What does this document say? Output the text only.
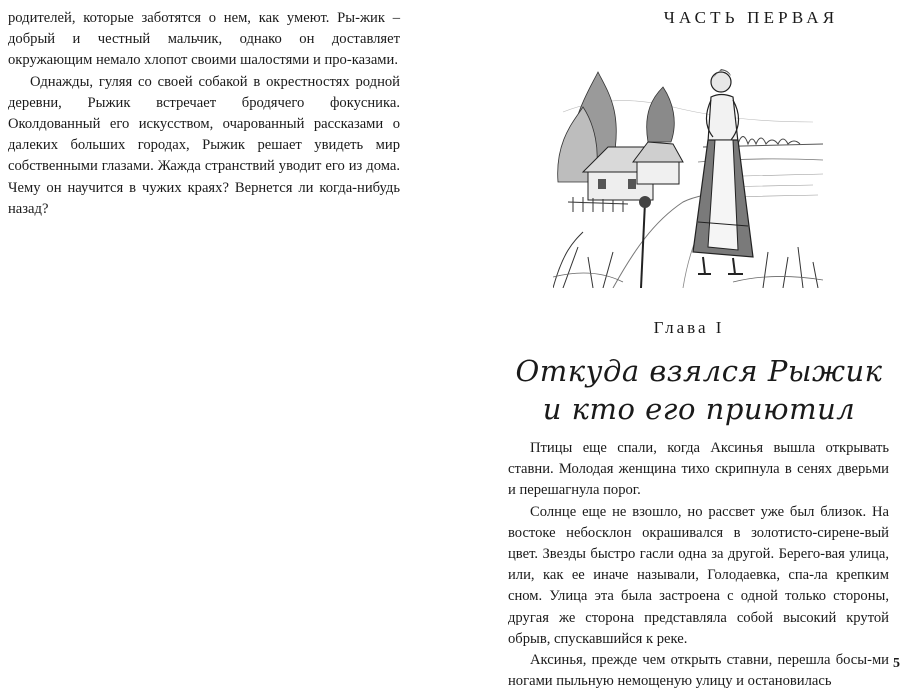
родителей, которые заботятся о нем, как умеют. Ры-жик – добрый и честный мальчик, однако он доставляет окружающим немало хлопот своими шалостями и про-казами.

Однажды, гуляя со своей собакой в окрестностях родной деревни, Рыжик встречает бродячего фокусника. Околдованный его искусством, очарованный рассказами о далеких больших городах, Рыжик решает увидеть мир собственными глазами. Жажда странствий уводит его из дома. Чему он научится в чужих краях? Вернется ли когда-нибудь назад?

ЧАСТЬ ПЕРВАЯ
Глава I
Откуда взялся Рыжик
и кто его приютил

Птицы еще спали, когда Аксинья вышла открывать ставни. Молодая женщина тихо скрипнула в сенях дверьми и перешагнула порог.

Солнце еще не взошло, но рассвет уже был близок. На востоке небосклон окрашивался в золотисто-сирене-вый цвет. Звезды быстро гасли одна за другой. Берего-вая улица, или, как ее иначе называли, Голодаевка, спа-ла крепким сном. Улица эта была застроена с одной только стороны, другая же сторона представляла собой высокий крутой обрыв, спускавшийся к реке.

Аксинья, прежде чем открыть ставни, перешла босы-ми ногами пыльную немощеную улицу и остановилась

5
